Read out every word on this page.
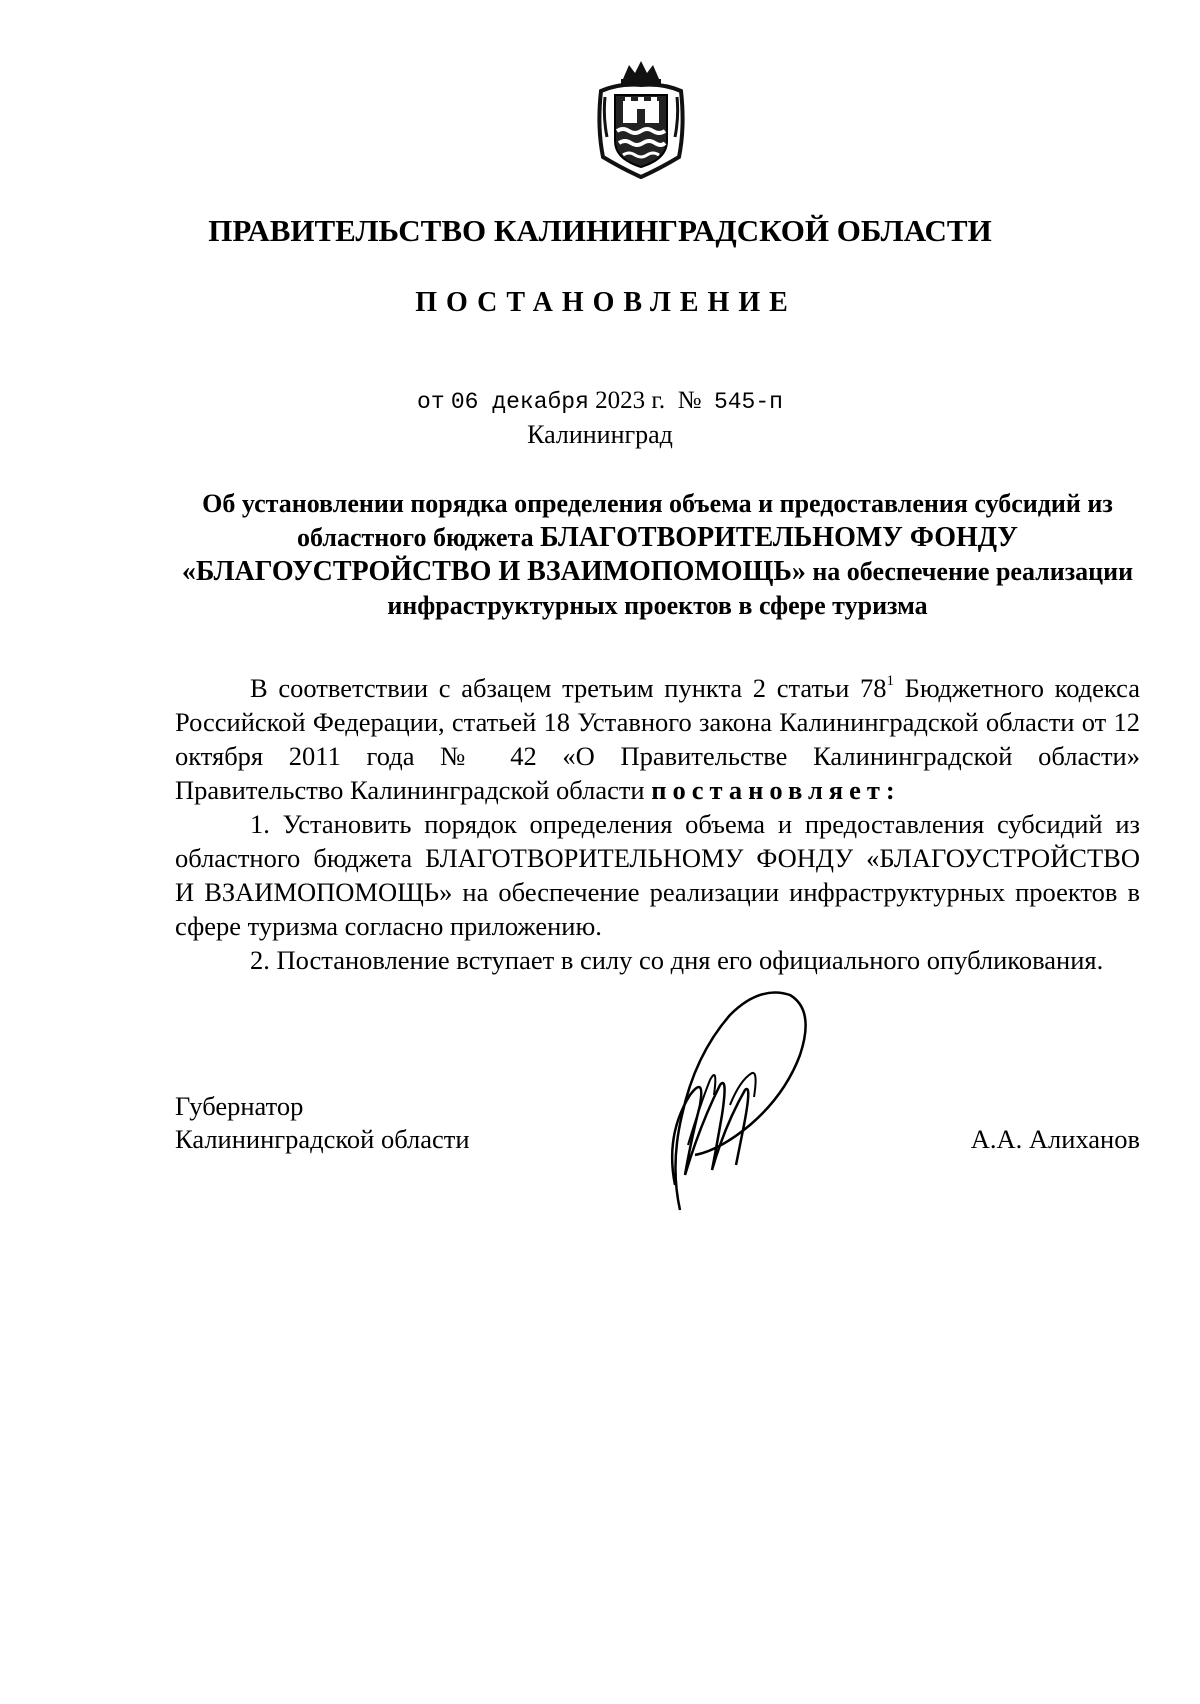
ПРАВИТЕЛЬСТВО КАЛИНИНГРАДСКОЙ ОБЛАСТИ
ПОСТАНОВЛЕНИЕ
от 06 декабря 2023 г. № 545-п
Калининград
Об установлении порядка определения объема и предоставления субсидий из областного бюджета БЛАГОТВОРИТЕЛЬНОМУ ФОНДУ «БЛАГОУСТРОЙСТВО И ВЗАИМОПОМОЩЬ» на обеспечение реализации инфраструктурных проектов в сфере туризма

В соответствии с абзацем третьим пункта 2 статьи $78^1$ Бюджетного кодекса Российской Федерации, статьей 18 Уставного закона Калининградской области от 12 октября 2011 года № 42 «О Правительстве Калининградской области» Правительство Калининградской области постановляет:

1. Установить порядок определения объема и предоставления субсидий из областного бюджета БЛАГОТВОРИТЕЛЬНОМУ ФОНДУ «БЛАГОУСТРОЙСТВО И ВЗАИМОПОМОЩЬ» на обеспечение реализации инфраструктурных проектов в сфере туризма согласно приложению.

2. Постановление вступает в силу со дня его официального опубликования.

Губернатор
Калининградской области	А.А. Алиханов
